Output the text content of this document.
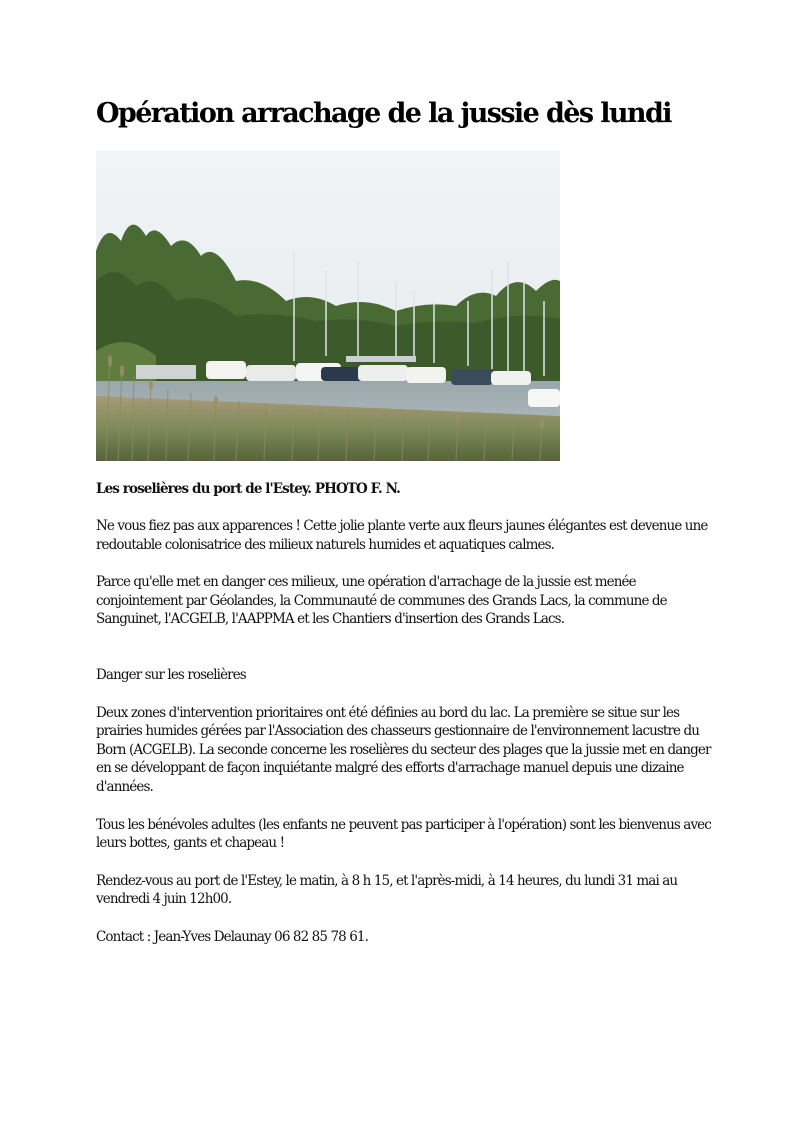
Opération arrachage de la jussie dès lundi

Les roselières du port de l'Estey. PHOTO F. N.

Ne vous fiez pas aux apparences ! Cette jolie plante verte aux fleurs jaunes élégantes est devenue une redoutable colonisatrice des milieux naturels humides et aquatiques calmes.

Parce qu'elle met en danger ces milieux, une opération d'arrachage de la jussie est menée conjointement par Géolandes, la Communauté de communes des Grands Lacs, la commune de Sanguinet, l'ACGELB, l'AAPPMA et les Chantiers d'insertion des Grands Lacs.

Danger sur les roselières

Deux zones d'intervention prioritaires ont été définies au bord du lac. La première se situe sur les prairies humides gérées par l'Association des chasseurs gestionnaire de l'environnement lacustre du Born (ACGELB). La seconde concerne les roselières du secteur des plages que la jussie met en danger en se développant de façon inquiétante malgré des efforts d'arrachage manuel depuis une dizaine d'années.

Tous les bénévoles adultes (les enfants ne peuvent pas participer à l'opération) sont les bienvenus avec leurs bottes, gants et chapeau !

Rendez-vous au port de l'Estey, le matin, à 8 h 15, et l'après-midi, à 14 heures, du lundi 31 mai au vendredi 4 juin 12h00.

Contact : Jean-Yves Delaunay 06 82 85 78 61.
